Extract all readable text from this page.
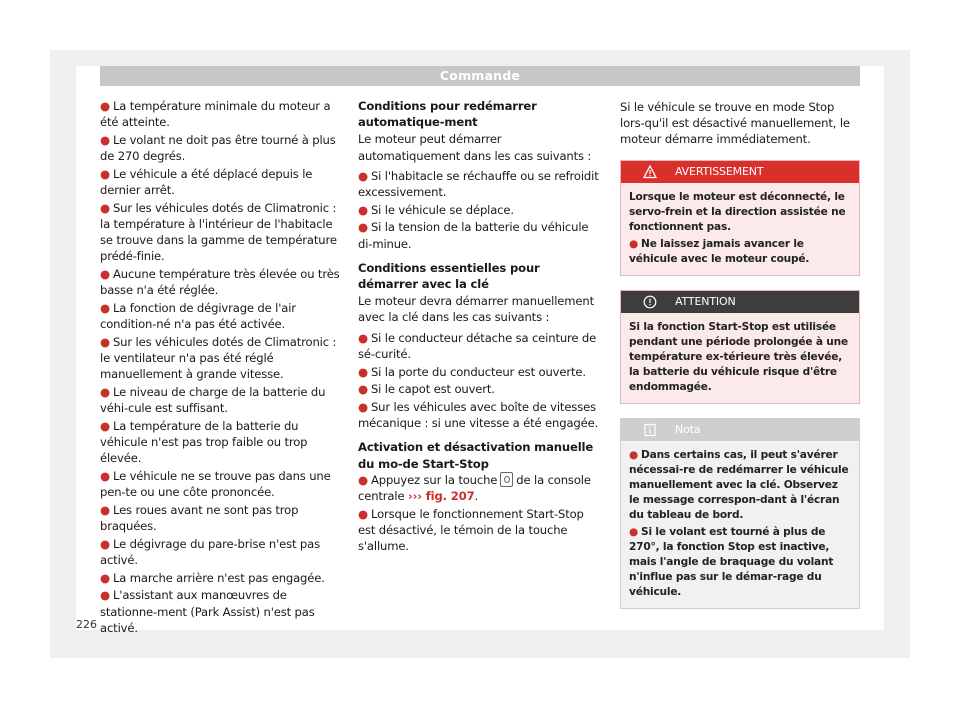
Commande
● La température minimale du moteur a été atteinte.
● Le volant ne doit pas être tourné à plus de 270 degrés.
● Le véhicule a été déplacé depuis le dernier arrêt.
● Sur les véhicules dotés de Climatronic : la température à l'intérieur de l'habitacle se trouve dans la gamme de température prédé-finie.
● Aucune température très élevée ou très basse n'a été réglée.
● La fonction de dégivrage de l'air condition-né n'a pas été activée.
● Sur les véhicules dotés de Climatronic : le ventilateur n'a pas été réglé manuellement à grande vitesse.
● Le niveau de charge de la batterie du véhi-cule est suffisant.
● La température de la batterie du véhicule n'est pas trop faible ou trop élevée.
● Le véhicule ne se trouve pas dans une pen-te ou une côte prononcée.
● Les roues avant ne sont pas trop braquées.
● Le dégivrage du pare-brise n'est pas activé.
● La marche arrière n'est pas engagée.
● L'assistant aux manœuvres de stationne-ment (Park Assist) n'est pas activé.
Conditions pour redémarrer automatique-ment
Le moteur peut démarrer automatiquement dans les cas suivants :
● Si l'habitacle se réchauffe ou se refroidit excessivement.
● Si le véhicule se déplace.
● Si la tension de la batterie du véhicule di-minue.
Conditions essentielles pour démarrer avec la clé
Le moteur devra démarrer manuellement avec la clé dans les cas suivants :
● Si le conducteur détache sa ceinture de sé-curité.
● Si la porte du conducteur est ouverte.
● Si le capot est ouvert.
● Sur les véhicules avec boîte de vitesses mécanique : si une vitesse a été engagée.
Activation et désactivation manuelle du mo-de Start-Stop
● Appuyez sur la touche de la console centrale ››› fig. 207.
● Lorsque le fonctionnement Start-Stop est désactivé, le témoin de la touche s'allume.
Si le véhicule se trouve en mode Stop lors-qu'il est désactivé manuellement, le moteur démarre immédiatement.
AVERTISSEMENT
Lorsque le moteur est déconnecté, le servo-frein et la direction assistée ne fonctionnent pas.
● Ne laissez jamais avancer le véhicule avec le moteur coupé.
ATTENTION
Si la fonction Start-Stop est utilisée pendant une période prolongée à une température ex-térieure très élevée, la batterie du véhicule risque d'être endommagée.
Nota
● Dans certains cas, il peut s'avérer nécessai-re de redémarrer le véhicule manuellement avec la clé. Observez le message correspon-dant à l'écran du tableau de bord.
● Si le volant est tourné à plus de 270°, la fonction Stop est inactive, mais l'angle de braquage du volant n'influe pas sur le démar-rage du véhicule.
226
